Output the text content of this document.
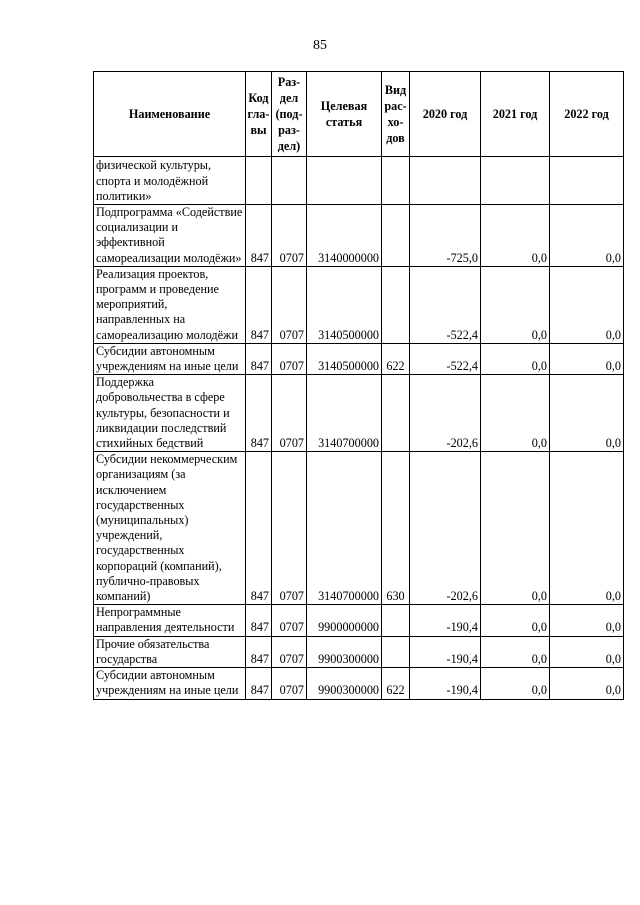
85
Наименование	Код гла- вы	Раз- дел (под- раз- дел)	Целевая статья	Вид рас- хо- дов	2020 год	2021 год	2022 год
физической культуры, спорта и молодёжной политики»							
Подпрограмма «Содействие социализации и эффективной самореализации молодёжи»	847	0707	3140000000		-725,0	0,0	0,0
Реализация проектов, программ и проведение мероприятий, направленных на самореализацию молодёжи	847	0707	3140500000		-522,4	0,0	0,0
Субсидии автономным учреждениям на иные цели	847	0707	3140500000	622	-522,4	0,0	0,0
Поддержка добровольчества в сфере культуры, безопасности и ликвидации последствий стихийных бедствий	847	0707	3140700000		-202,6	0,0	0,0
Субсидии некоммерческим организациям (за исключением государственных (муниципальных) учреждений, государственных корпораций (компаний), публично-правовых компаний)	847	0707	3140700000	630	-202,6	0,0	0,0
Непрограммные направления деятельности	847	0707	9900000000		-190,4	0,0	0,0
Прочие обязательства государства	847	0707	9900300000		-190,4	0,0	0,0
Субсидии автономным учреждениям на иные цели	847	0707	9900300000	622	-190,4	0,0	0,0
